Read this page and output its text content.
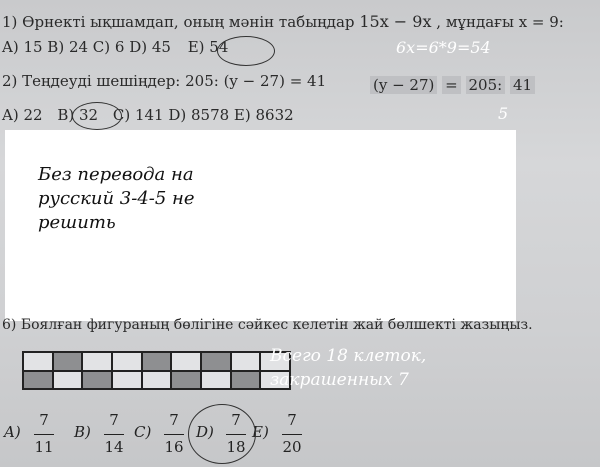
1) Өрнекті ықшамдап, оның мәнін табыңдар 15x − 9x , мұндағы x = 9:
A) 15 B) 24 C) 6 D) 45 E) 54	6x=6*9=54
2) Теңдеуді шешіңдер: 205: (y − 27) = 41	(y − 27) = 205: 41
5
A) 22 B) 32 C) 141 D) 8578 E) 8632
Без перевода на
русский 3-4-5 не
решить
6) Боялған фигураның бөлігіне сәйкес келетін жай бөлшекті жазыңыз.
Всего 18 клеток,
закрашенных 7
A)
7
11
B)
7
14
C)
7
16
D)
7
18
E)
7
20
